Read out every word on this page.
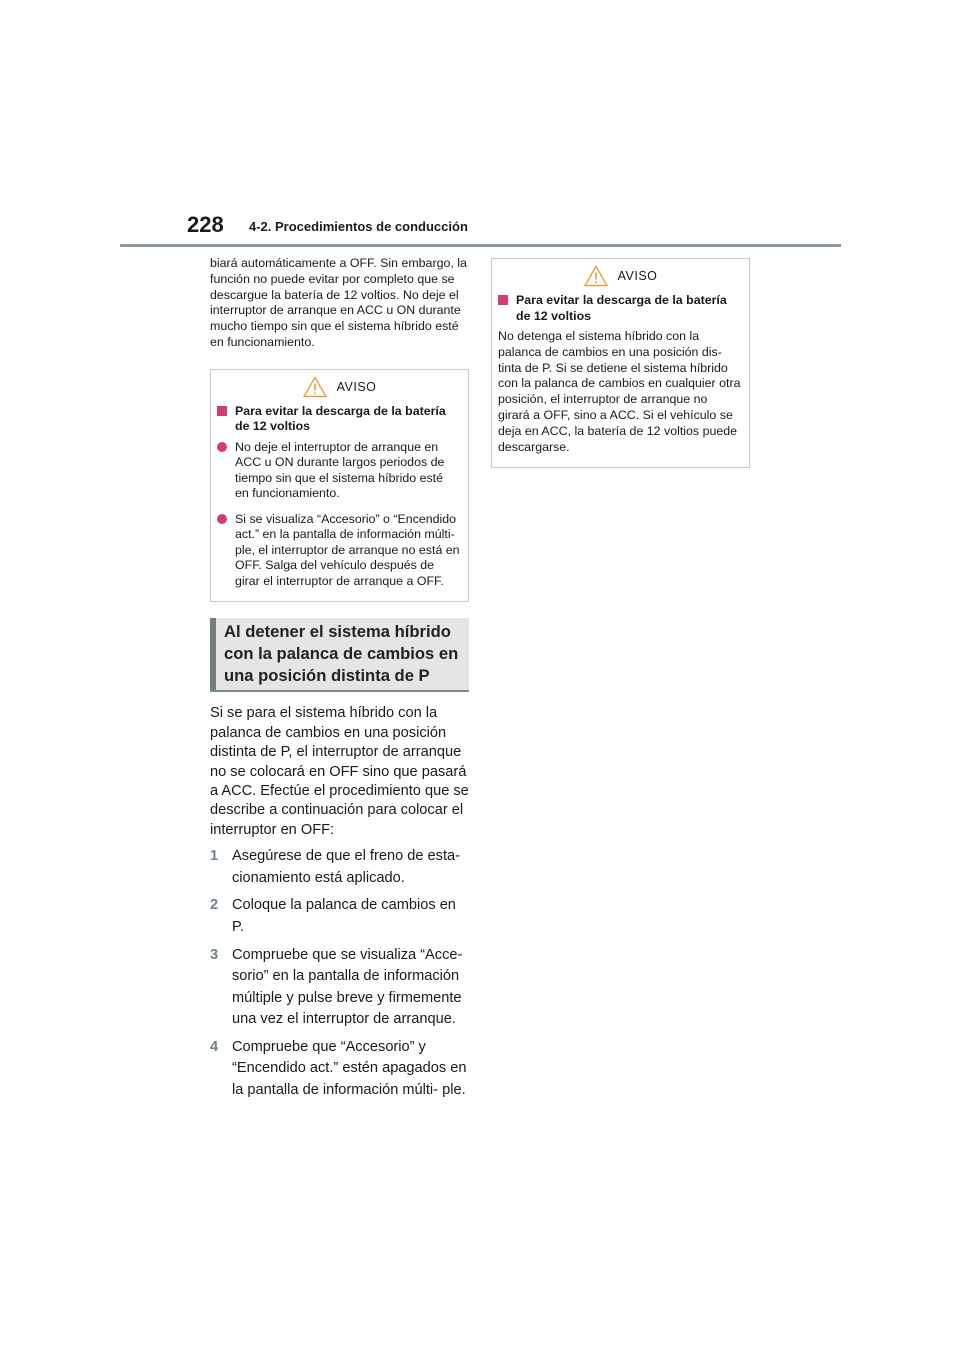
228 4-2. Procedimientos de conducción

biará automáticamente a OFF. Sin embargo, la función no puede evitar por completo que se descargue la batería de 12 voltios. No deje el interruptor de arranque en ACC u ON durante mucho tiempo sin que el sistema híbrido esté en funcionamiento.

AVISO
Para evitar la descarga de la batería de 12 voltios
No deje el interruptor de arranque en ACC u ON durante largos periodos de tiempo sin que el sistema híbrido esté en funcionamiento.
Si se visualiza “Accesorio” o “Encendido act.” en la pantalla de información múlti- ple, el interruptor de arranque no está en OFF. Salga del vehículo después de girar el interruptor de arranque a OFF.
Al detener el sistema híbrido con la palanca de cambios en una posición distinta de P

Si se para el sistema híbrido con la palanca de cambios en una posición distinta de P, el interruptor de arranque no se colocará en OFF sino que pasará a ACC. Efectúe el procedimiento que se describe a continuación para colocar el interruptor en OFF:

1 Asegúrese de que el freno de esta- cionamiento está aplicado.
2 Coloque la palanca de cambios en P.
3 Compruebe que se visualiza “Acce- sorio” en la pantalla de información múltiple y pulse breve y firmemente una vez el interruptor de arranque.
4 Compruebe que “Accesorio” y “Encendido act.” estén apagados en la pantalla de información múlti- ple.
AVISO
Para evitar la descarga de la batería de 12 voltios

No detenga el sistema híbrido con la palanca de cambios en una posición dis- tinta de P. Si se detiene el sistema híbrido con la palanca de cambios en cualquier otra posición, el interruptor de arranque no girará a OFF, sino a ACC. Si el vehículo se deja en ACC, la batería de 12 voltios puede descargarse.
